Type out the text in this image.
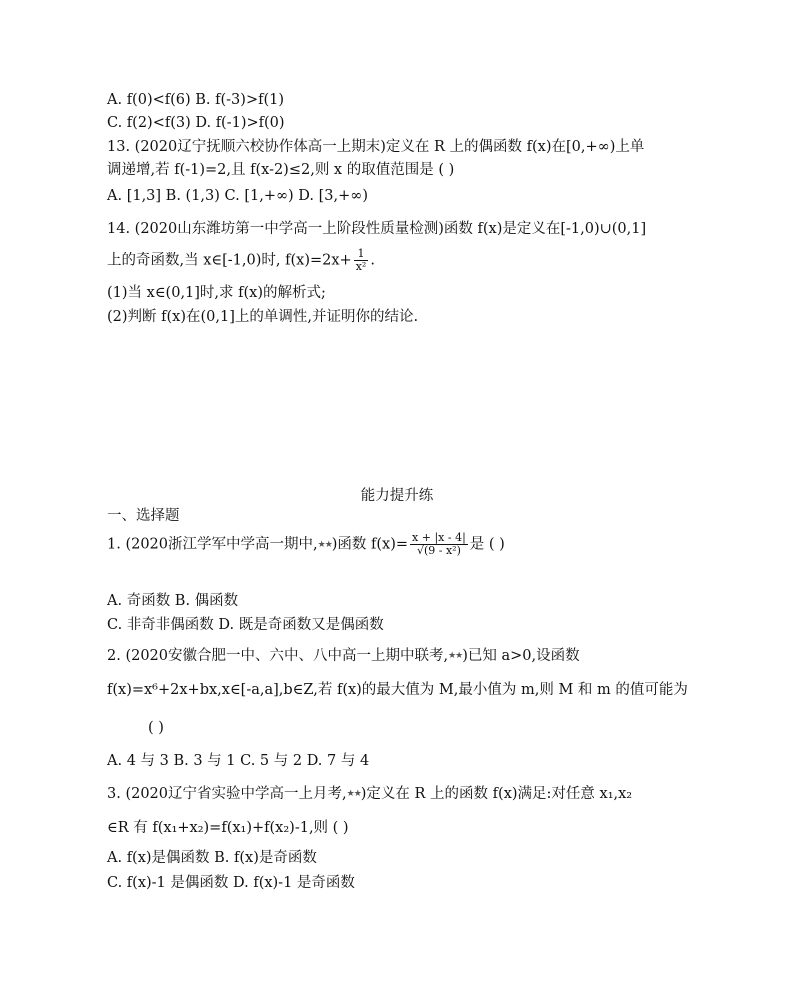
A. f(0)<f(6) B. f(-3)>f(1)
C. f(2)<f(3) D. f(-1)>f(0)
13. (2020辽宁抚顺六校协作体高一上期末)定义在 R 上的偶函数 f(x)在[0,+∞)上单
调递增,若 f(-1)=2,且 f(x-2)≤2,则 x 的取值范围是 ( )
A. [1,3] B. (1,3) C. [1,+∞) D. [3,+∞)
14. (2020山东潍坊第一中学高一上阶段性质量检测)函数 f(x)是定义在[-1,0)∪(0,1]
上的奇函数,当 x∈[-1,0)时, $f(x)=2x+ \frac{1}{\text{x²}}$ .
(1)当 x∈(0,1]时,求 f(x)的解析式;
(2)判断 f(x)在(0,1]上的单调性,并证明你的结论.
能力提升练
一、选择题
1. (2020浙江学军中学高一期中,★★)函数 $f(x)= \frac{x + |x - 4|}{\text{√(9 - x²)}}$ 是 ( )
A. 奇函数 B. 偶函数
C. 非奇非偶函数 D. 既是奇函数又是偶函数
2. (2020安徽合肥一中、六中、八中高一上期中联考,★★)已知 a>0,设函数
f(x)=x⁶+2x+bx,x∈[-a,a],b∈Z,若 f(x)的最大值为 M,最小值为 m,则 M 和 m 的值可能为
( )
A. 4 与 3 B. 3 与 1 C. 5 与 2 D. 7 与 4
3. (2020辽宁省实验中学高一上月考,★★)定义在 R 上的函数 f(x)满足:对任意 x₁,x₂
∈R 有 f(x₁+x₂)=f(x₁)+f(x₂)-1,则 ( )
A. f(x)是偶函数 B. f(x)是奇函数
C. f(x)-1 是偶函数 D. f(x)-1 是奇函数
